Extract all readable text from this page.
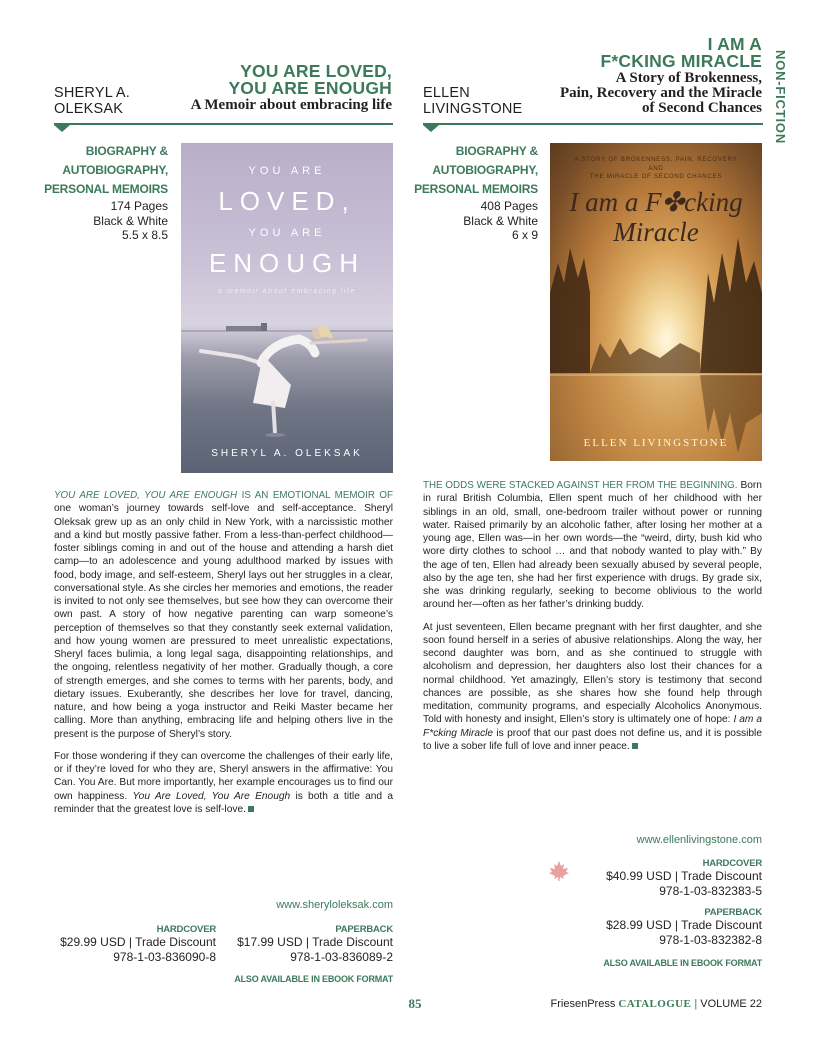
NON-FICTION
SHERYL A.
OLEKSAK
YOU ARE LOVED,
YOU ARE ENOUGH
A Memoir about embracing life
ELLEN
LIVINGSTONE
I AM A
F*CKING MIRACLE
A Story of Brokenness,
Pain, Recovery and the Miracle
of Second Chances
BIOGRAPHY &
AUTOBIOGRAPHY,
PERSONAL MEMOIRS
174 Pages
Black & White
5.5 x 8.5
BIOGRAPHY &
AUTOBIOGRAPHY,
PERSONAL MEMOIRS
408 Pages
Black & White
6 x 9
YOU ARE
LOVED,
YOU ARE
ENOUGH
a memoir about embracing life
SHERYL A. OLEKSAK
A STORY OF BROKENNESS, PAIN, RECOVERY
AND
THE MIRACLE OF SECOND CHANCES
I am a F✤cking
Miracle
ELLEN LIVINGSTONE

YOU ARE LOVED, YOU ARE ENOUGH IS AN EMOTIONAL MEMOIR OF one woman’s journey towards self-love and self-acceptance. Sheryl Oleksak grew up as an only child in New York, with a narcissistic mother and a kind but mostly passive father. From a less-than-perfect childhood—foster siblings coming in and out of the house and attending a harsh diet camp—to an adolescence and young adulthood marked by issues with food, body image, and self-esteem, Sheryl lays out her struggles in a clear, conversational style. As she circles her memories and emotions, the reader is invited to not only see themselves, but see how they can overcome their own past. A story of how negative parenting can warp someone’s perception of themselves so that they constantly seek external validation, and how young women are pressured to meet unrealistic expectations, Sheryl faces bulimia, a long legal saga, disappointing relationships, and the ongoing, relentless negativity of her mother. Gradually though, a core of strength emerges, and she comes to terms with her parents, body, and dietary issues. Exuberantly, she describes her love for travel, dancing, nature, and how being a yoga instructor and Reiki Master became her calling. More than anything, embracing life and helping others live in the present is the purpose of Sheryl’s story.

For those wondering if they can overcome the challenges of their early life, or if they’re loved for who they are, Sheryl answers in the affirmative: You Can. You Are. But more importantly, her example encourages us to find our own happiness. You Are Loved, You Are Enough is both a title and a reminder that the greatest love is self-love.

www.sheryloleksak.com
HARDCOVER
$29.99 USD | Trade Discount
978-1-03-836090-8
PAPERBACK
$17.99 USD | Trade Discount
978-1-03-836089-2
ALSO AVAILABLE IN EBOOK FORMAT

THE ODDS WERE STACKED AGAINST HER FROM THE BEGINNING. Born in rural British Columbia, Ellen spent much of her childhood with her siblings in an old, small, one-bedroom trailer without power or running water. Raised primarily by an alcoholic father, after losing her mother at a young age, Ellen was—in her own words—the “weird, dirty, bush kid who wore dirty clothes to school … and that nobody wanted to play with.” By the age of ten, Ellen had already been sexually abused by several people, also by the age ten, she had her first experience with drugs. By grade six, she was drinking regularly, seeking to become oblivious to the world around her—often as her father’s drinking buddy.

At just seventeen, Ellen became pregnant with her first daughter, and she soon found herself in a series of abusive relationships. Along the way, her second daughter was born, and as she continued to struggle with alcoholism and depression, her daughters also lost their chances for a normal childhood. Yet amazingly, Ellen’s story is testimony that second chances are possible, as she shares how she found help through meditation, community programs, and especially Alcoholics Anonymous. Told with honesty and insight, Ellen’s story is ultimately one of hope: I am a F*cking Miracle is proof that our past does not define us, and it is possible to live a sober life full of love and inner peace.

www.ellenlivingstone.com
HARDCOVER
$40.99 USD | Trade Discount
978-1-03-832383-5
PAPERBACK
$28.99 USD | Trade Discount
978-1-03-832382-8
ALSO AVAILABLE IN EBOOK FORMAT
85	FriesenPress CATALOGUE | VOLUME 22
